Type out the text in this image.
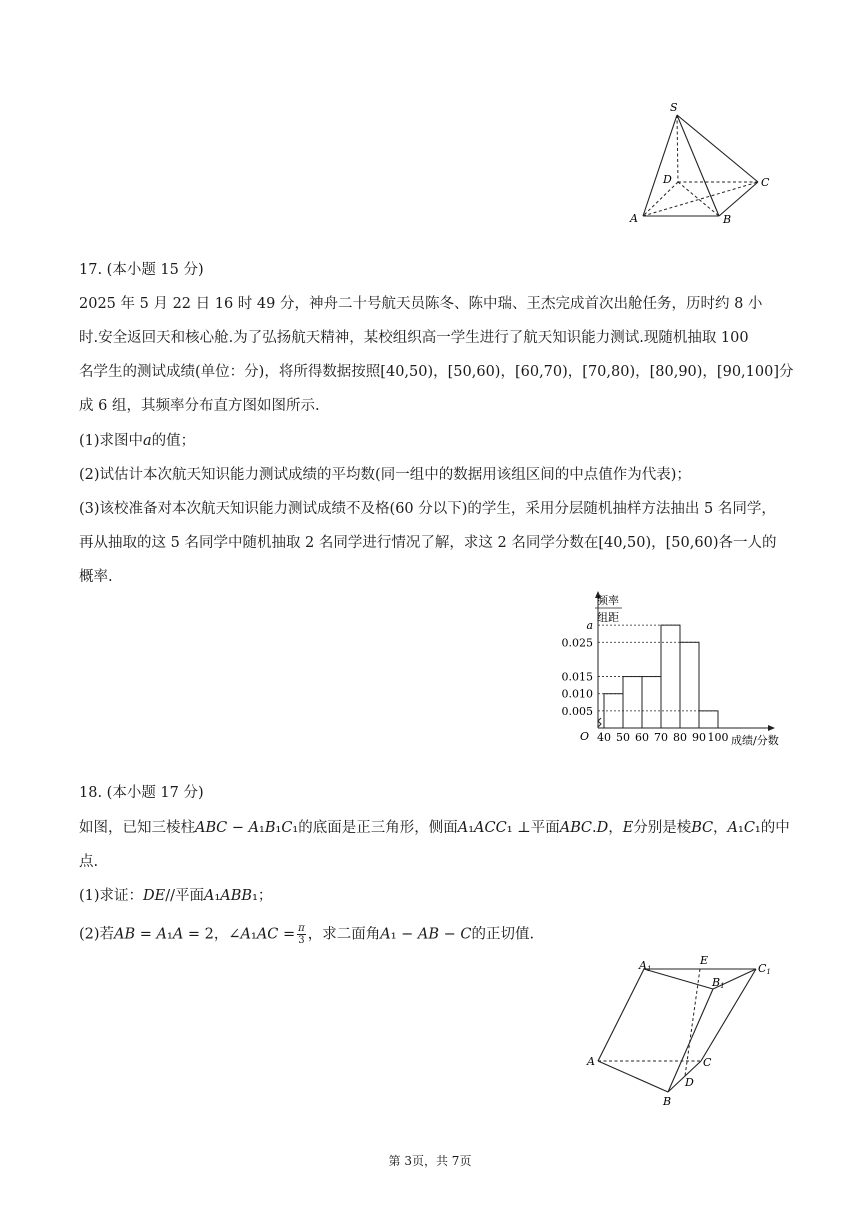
S
D	C
A	B
17. (本小题 15 分)
2025 年 5 月 22 日 16 时 49 分，神舟二十号航天员陈冬、陈中瑞、王杰完成首次出舱任务，历时约 8 小
时.安全返回天和核心舱.为了弘扬航天精神，某校组织高一学生进行了航天知识能力测试.现随机抽取 100
名学生的测试成绩(单位：分)，将所得数据按照[40,50)，[50,60)，[60,70)，[70,80)，[80,90)，[90,100]分
成 6 组，其频率分布直方图如图所示.
(1)求图中𝑎的值；
(2)试估计本次航天知识能力测试成绩的平均数(同一组中的数据用该组区间的中点值作为代表)；
(3)该校准备对本次航天知识能力测试成绩不及格(60 分以下)的学生，采用分层随机抽样方法抽出 5 名同学，
再从抽取的这 5 名同学中随机抽取 2 名同学进行情况了解，求这 2 名同学分数在[40,50)，[50,60)各一人的
概率.
0.005
0.010
0.015
0.025
a
40 50 60 70 80 90 100
频率
组距
O	成绩/分数
18. (本小题 17 分)
如图，已知三棱柱𝐴𝐵𝐶 − 𝐴₁𝐵₁𝐶₁的底面是正三角形，侧面𝐴₁𝐴𝐶𝐶₁ ⊥平面𝐴𝐵𝐶.𝐷，𝐸分别是棱𝐵𝐶，𝐴₁𝐶₁的中
点.
(1)求证：𝐷𝐸//平面𝐴₁𝐴𝐵𝐵₁；
(2)若𝐴𝐵 = 𝐴₁𝐴 = 2，∠𝐴₁𝐴𝐶 = $\frac{\pi}{3}$ ，求二面角𝐴₁ − 𝐴𝐵 − 𝐶的正切值.
A1
E
C1
B1
A	C
D
B
第 3页，共 7页
